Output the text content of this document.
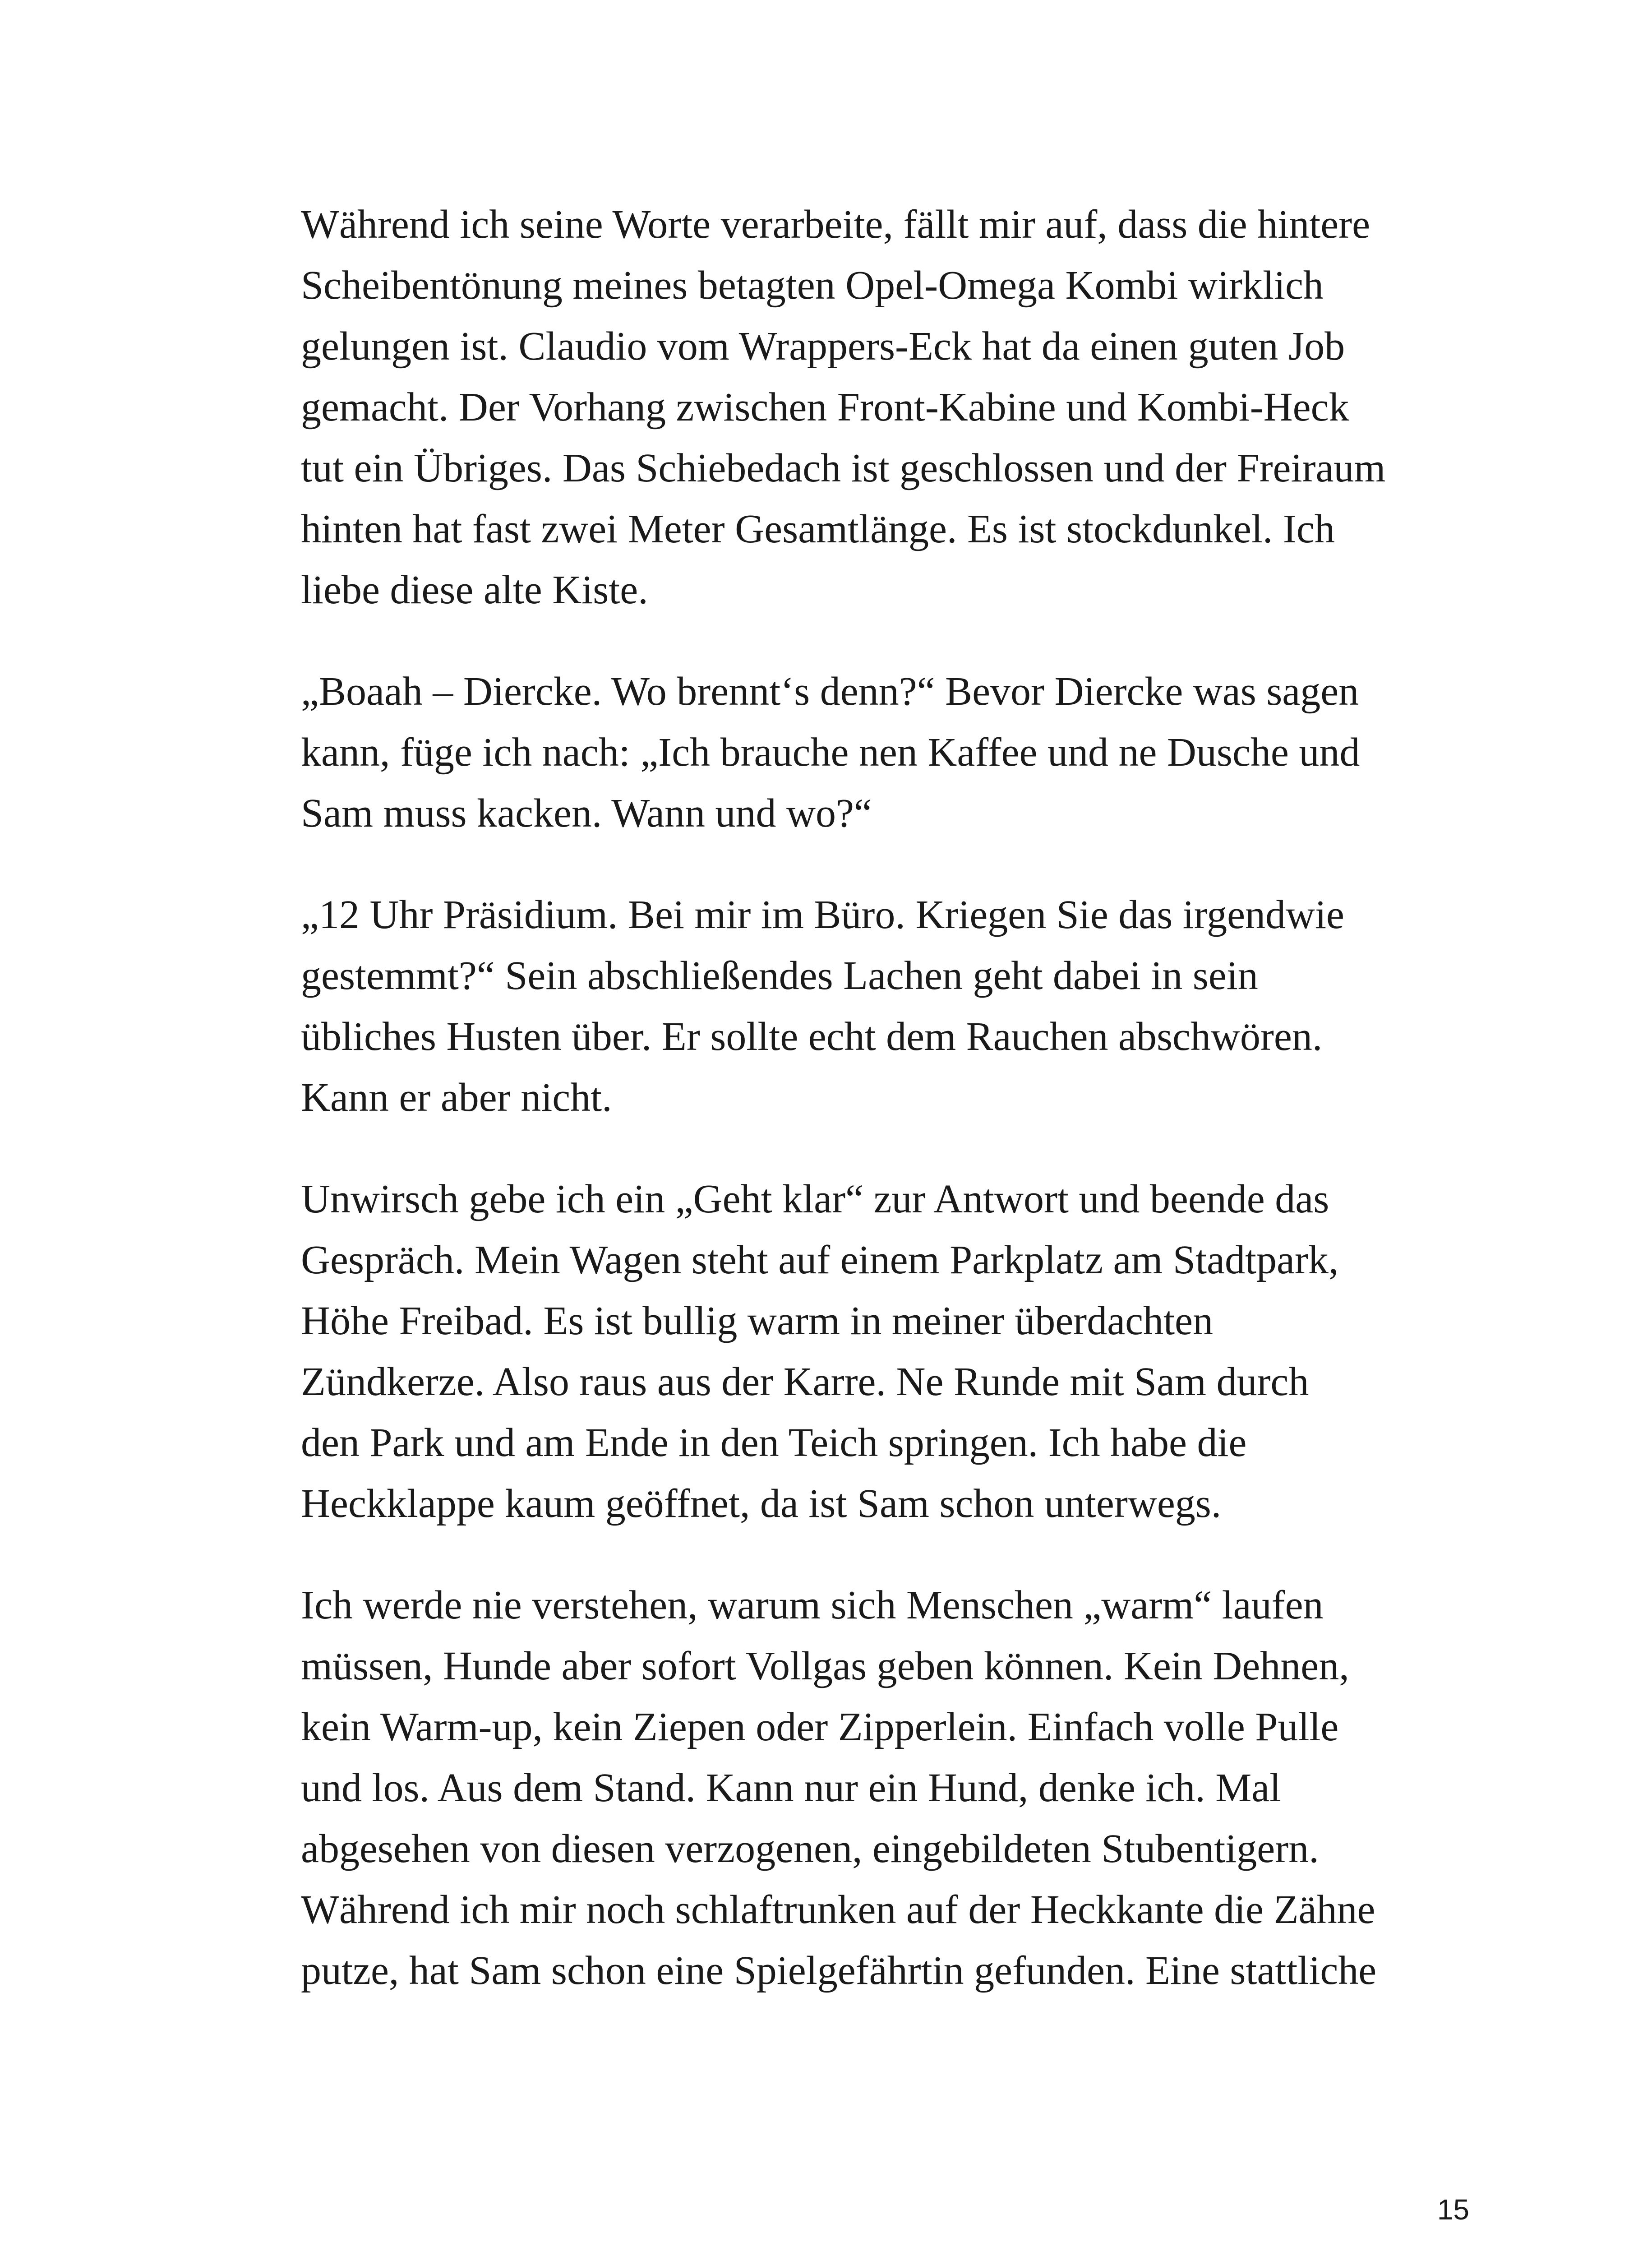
Während ich seine Worte verarbeite, fällt mir auf, dass die hintere
Scheibentönung meines betagten Opel-Omega Kombi wirklich
gelungen ist. Claudio vom Wrappers-Eck hat da einen guten Job
gemacht. Der Vorhang zwischen Front-Kabine und Kombi-Heck
tut ein Übriges. Das Schiebedach ist geschlossen und der Freiraum
hinten hat fast zwei Meter Gesamtlänge. Es ist stockdunkel. Ich
liebe diese alte Kiste.

„Boaah – Diercke. Wo brennt‘s denn?“ Bevor Diercke was sagen
kann, füge ich nach: „Ich brauche nen Kaffee und ne Dusche und
Sam muss kacken. Wann und wo?“

„12 Uhr Präsidium. Bei mir im Büro. Kriegen Sie das irgendwie
gestemmt?“ Sein abschließendes Lachen geht dabei in sein
übliches Husten über. Er sollte echt dem Rauchen abschwören.
Kann er aber nicht.

Unwirsch gebe ich ein „Geht klar“ zur Antwort und beende das
Gespräch. Mein Wagen steht auf einem Parkplatz am Stadtpark,
Höhe Freibad. Es ist bullig warm in meiner überdachten
Zündkerze. Also raus aus der Karre. Ne Runde mit Sam durch
den Park und am Ende in den Teich springen. Ich habe die
Heckklappe kaum geöffnet, da ist Sam schon unterwegs.

Ich werde nie verstehen, warum sich Menschen „warm“ laufen
müssen, Hunde aber sofort Vollgas geben können. Kein Dehnen,
kein Warm-up, kein Ziepen oder Zipperlein. Einfach volle Pulle
und los. Aus dem Stand. Kann nur ein Hund, denke ich. Mal
abgesehen von diesen verzogenen, eingebildeten Stubentigern.
Während ich mir noch schlaftrunken auf der Heckkante die Zähne
putze, hat Sam schon eine Spielgefährtin gefunden. Eine stattliche

15
